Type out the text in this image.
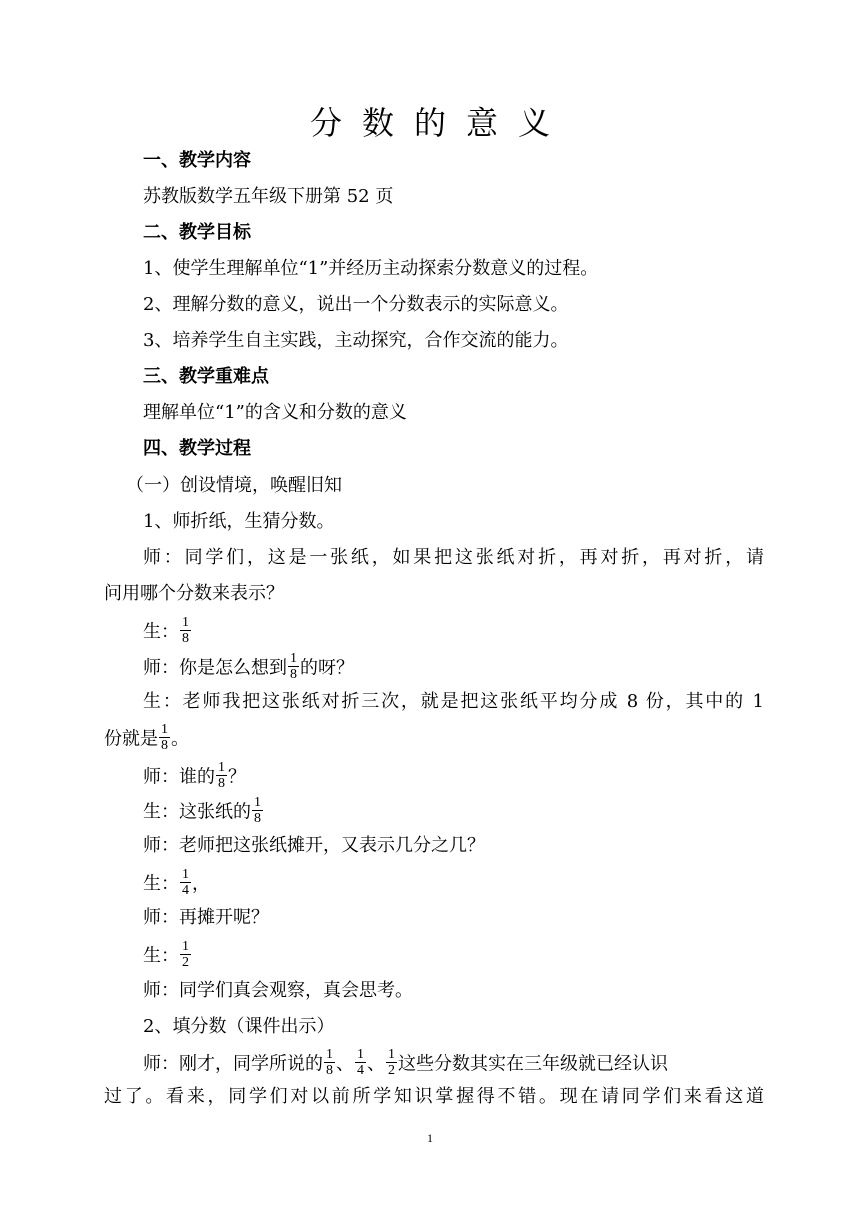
分数的意义
一、教学内容
苏教版数学五年级下册第 52 页
二、教学目标
1、使学生理解单位“1”并经历主动探索分数意义的过程。
2、理解分数的意义，说出一个分数表示的实际意义。
3、培养学生自主实践，主动探究，合作交流的能力。
三、教学重难点
理解单位“1”的含义和分数的意义
四、教学过程
（一）创设情境，唤醒旧知
1、师折纸，生猜分数。
师：同学们，这是一张纸，如果把这张纸对折，再对折，再对折，请
问用哪个分数来表示？
生： $\frac{1}{8}$
师：你是怎么想到 $\frac{1}{8}$ 的呀？
生：老师我把这张纸对折三次，就是把这张纸平均分成 8 份，其中的 1
份就是 $\frac{1}{8}$ 。
师：谁的 $\frac{1}{8}$ ？
生：这张纸的 $\frac{1}{8}$
师：老师把这张纸摊开，又表示几分之几？
生： $\frac{1}{4}$ ，
师：再摊开呢？
生： $\frac{1}{2}$
师：同学们真会观察，真会思考。
2、填分数（课件出示）
师：刚才，同学所说的 $\frac{1}{8}$ 、 $\frac{1}{4}$ 、 $\frac{1}{2}$ 这些分数其实在三年级就已经认识
过了。看来，同学们对以前所学知识掌握得不错。现在请同学们来看这道
1
